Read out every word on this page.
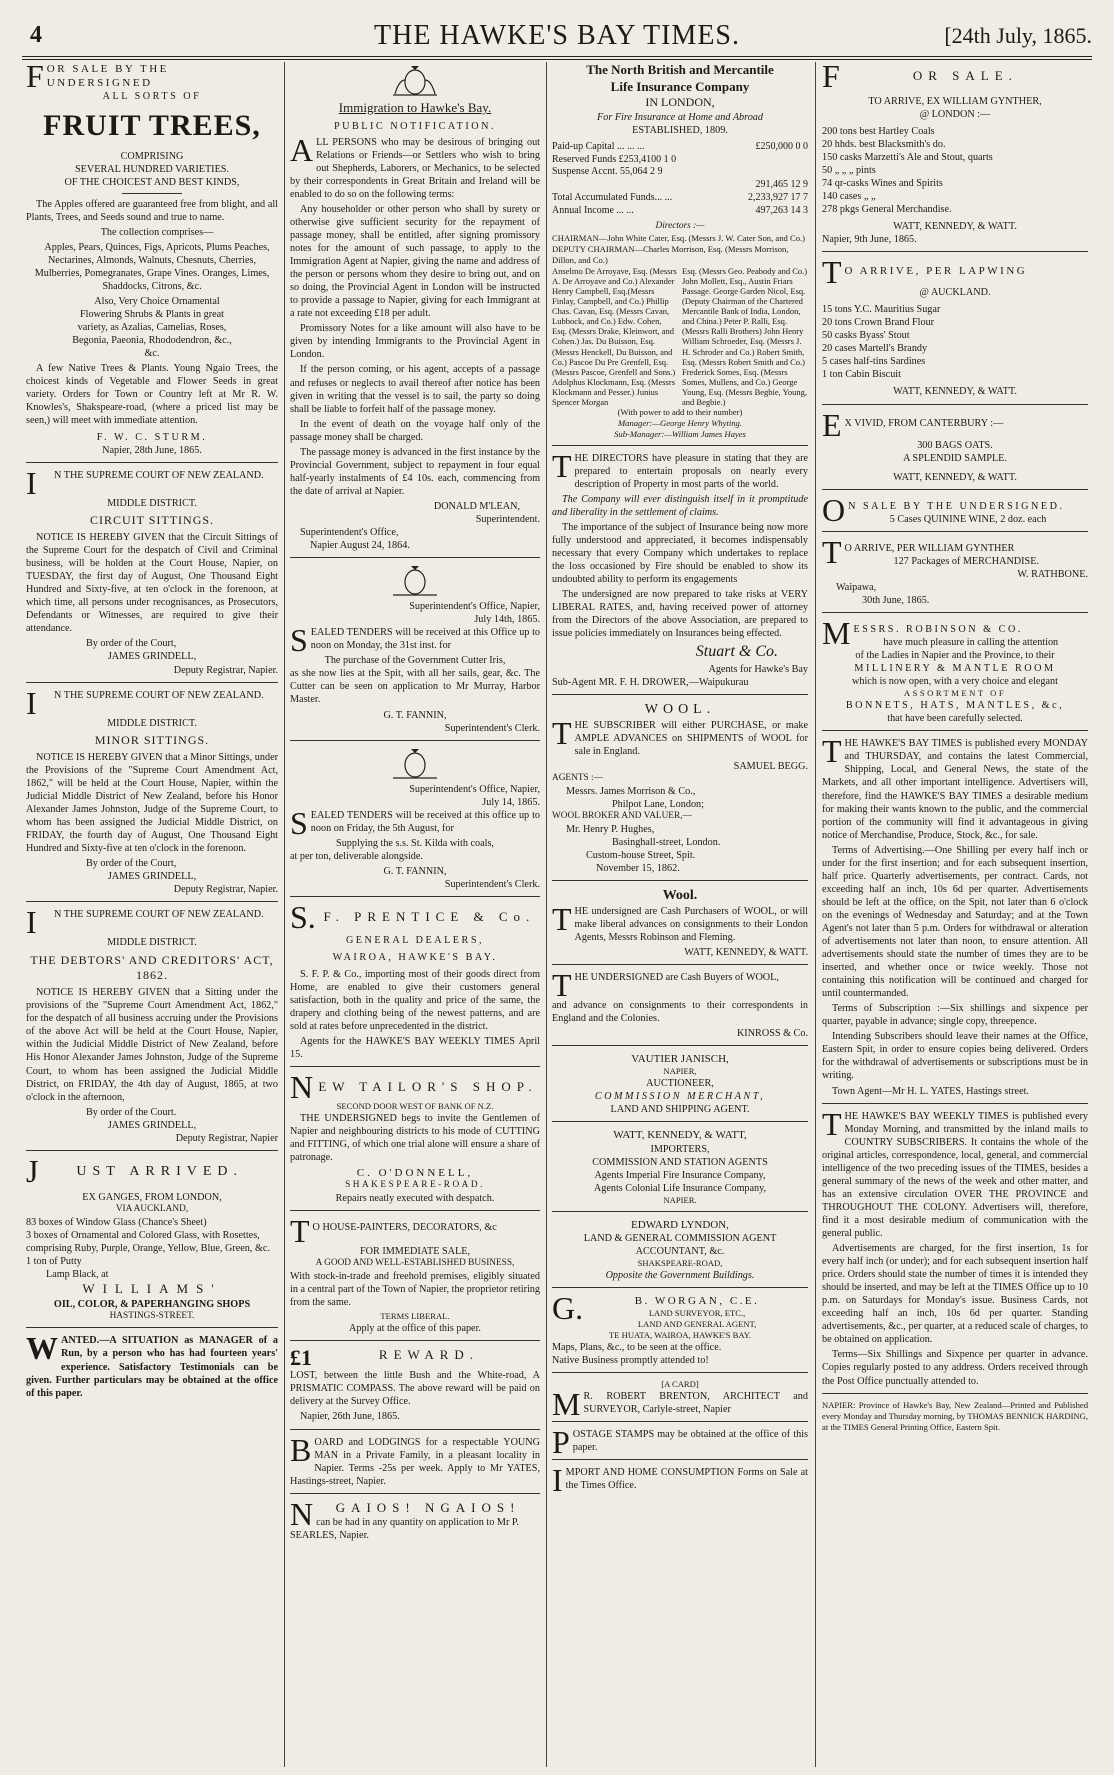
4	THE HAWKE'S BAY TIMES.	[24th July, 1865.
FOR SALE BY THE UNDERSIGNED
ALL SORTS OF
FRUIT TREES,
COMPRISING
SEVERAL HUNDRED VARIETIES.
OF THE CHOICEST AND BEST KINDS,

The Apples offered are guaranteed free from blight, and all Plants, Trees, and Seeds sound and true to name.

The collection comprises—

Apples, Pears, Quinces, Figs, Apricots, Plums Peaches, Nectarines, Almonds, Walnuts, Chesnuts, Cherries, Mulberries, Pomegranates, Grape Vines. Oranges, Limes, Shaddocks, Citrons, &c.

Also, Very Choice Ornamental Flowering Shrubs & Plants in great variety, as Azalias, Camelias, Roses, Begonia, Paeonia, Rhododendron, &c., &c.

A few Native Trees & Plants. Young Ngaio Trees, the choicest kinds of Vegetable and Flower Seeds in great variety. Orders for Town or Country left at Mr R. W. Knowles's, Shakspeare-road, (where a priced list may be seen,) will meet with immediate attention.

F. W. C. STURM.
Napier, 28th June, 1865.
I	N THE SUPREME COURT OF NEW ZEALAND.
MIDDLE DISTRICT.
CIRCUIT SITTINGS.

NOTICE IS HEREBY GIVEN that the Circuit Sittings of the Supreme Court for the despatch of Civil and Criminal business, will be holden at the Court House, Napier, on TUESDAY, the first day of August, One Thousand Eight Hundred and Sixty-five, at ten o'clock in the forenoon, at which time, all persons under recognisances, as Prosecutors, Defendants or Witnesses, are required to give their attendance.

By order of the Court,
JAMES GRINDELL,
Deputy Registrar, Napier.
I	N THE SUPREME COURT OF NEW ZEALAND.
MIDDLE DISTRICT.
MINOR SITTINGS.

NOTICE IS HEREBY GIVEN that a Minor Sittings, under the Provisions of the "Supreme Court Amendment Act, 1862," will be held at the Court House, Napier, within the Judicial Middle District of New Zealand, before his Honor Alexander James Johnston, Judge of the Supreme Court, to whom has been assigned the Judicial Middle District, on FRIDAY, the fourth day of August, One Thousand Eight Hundred and Sixty-five at ten o'clock in the forenoon.

By order of the Court,
JAMES GRINDELL,
Deputy Registrar, Napier.
I	N THE SUPREME COURT OF NEW ZEALAND.
MIDDLE DISTRICT.
THE DEBTORS' AND CREDITORS' ACT, 1862.

NOTICE IS HEREBY GIVEN that a Sitting under the provisions of the "Supreme Court Amendment Act, 1862," for the despatch of all business accruing under the Provisions of the above Act will be held at the Court House, Napier, within the Judicial Middle District of New Zealand, before His Honor Alexander James Johnston, Judge of the Supreme Court, to whom has been assigned the Judicial Middle District, on FRIDAY, the 4th day of August, 1865, at two o'clock in the afternoon,

By order of the Court.
JAMES GRINDELL,
Deputy Registrar, Napier
J	UST ARRIVED.
EX GANGES, FROM LONDON,
VIA AUCKLAND,
83 boxes of Window Glass (Chance's Sheet)
3 boxes of Ornamental and Colored Glass, with Rosettes, comprising Ruby, Purple, Orange, Yellow, Blue, Green, &c.
1 ton of Putty
Lamp Black, at
WILLIAMS'
OIL, COLOR, & PAPERHANGING SHOPS
HASTINGS-STREET.

WANTED.—A SITUATION as MANAGER of a Run, by a person who has had fourteen years' experience. Satisfactory Testimonials can be given. Further particulars may be obtained at the office of this paper.

Immigration to Hawke's Bay.
PUBLIC NOTIFICATION.

ALL PERSONS who may be desirous of bringing out Relations or Friends—or Settlers who wish to bring out Shepherds, Laborers, or Mechanics, to be selected by their correspondents in Great Britain and Ireland will be enabled to do so on the following terms:

Any householder or other person who shall by surety or otherwise give sufficient security for the repayment of passage money, shall be entitled, after signing promissory notes for the amount of such passage, to apply to the Immigration Agent at Napier, giving the name and address of the person or persons whom they desire to bring out, and on so doing, the Provincial Agent in London will be instructed to provide a passage to Napier, giving for each Immigrant at a rate not exceeding £18 per adult.

Promissory Notes for a like amount will also have to be given by intending Immigrants to the Provincial Agent in London.

If the person coming, or his agent, accepts of a passage and refuses or neglects to avail thereof after notice has been given in writing that the vessel is to sail, the party so doing shall be liable to forfeit half of the passage money.

In the event of death on the voyage half only of the passage money shall be charged.

The passage money is advanced in the first instance by the Provincial Government, subject to repayment in four equal half-yearly instalments of £4 10s. each, commencing from the date of arrival at Napier.

DONALD M'LEAN,
Superintendent.
Superintendent's Office,
Napier August 24, 1864.
Superintendent's Office, Napier,
July 14th, 1865.

SEALED TENDERS will be received at this Office up to noon on Monday, the 31st inst. for

The purchase of the Government Cutter Iris,

as she now lies at the Spit, with all her sails, gear, &c. The Cutter can be seen on application to Mr Murray, Harbor Master.

G. T. FANNIN,
Superintendent's Clerk.
Superintendent's Office, Napier,
July 14, 1865.

SEALED TENDERS will be received at this office up to noon on Friday, the 5th August, for

Supplying the s.s. St. Kilda with coals,

at per ton, deliverable alongside.

G. T. FANNIN,
Superintendent's Clerk.
S. F. PRENTICE & Co.
GENERAL DEALERS,
WAIROA, HAWKE'S BAY.

S. F. P. & Co., importing most of their goods direct from Home, are enabled to give their customers general satisfaction, both in the quality and price of the same, the drapery and clothing being of the newest patterns, and are sold at rates before unprecedented in the district.

Agents for the HAWKE'S BAY WEEKLY TIMES April 15.

N EW TAILOR'S SHOP.
SECOND DOOR WEST OF BANK OF N.Z.

THE UNDERSIGNED begs to invite the Gentlemen of Napier and neighbouring districts to his mode of CUTTING and FITTING, of which one trial alone will ensure a share of patronage.

C. O'DONNELL,
SHAKESPEARE-ROAD.
Repairs neatly executed with despatch.
T O HOUSE-PAINTERS, DECORATORS, &c
FOR IMMEDIATE SALE,
A GOOD AND WELL-ESTABLISHED BUSINESS,

With stock-in-trade and freehold premises, eligibly situated in a central part of the Town of Napier, the proprietor retiring from the same.

TERMS LIBERAL.
Apply at the office of this paper.
£1	REWARD.

LOST, between the little Bush and the White-road, A PRISMATIC COMPASS. The above reward will be paid on delivery at the Survey Office.

Napier, 26th June, 1865.

BOARD and LODGINGS for a respectable YOUNG MAN in a Private Family, in a pleasant locality in Napier. Terms -25s per week. Apply to Mr YATES, Hastings-street, Napier.

N	GAIOS! NGAIOS!
can be had in any quantity on application to Mr P. SEARLES, Napier.
The North British and Mercantile
Life Insurance Company
IN LONDON,
For Fire Insurance at Home and Abroad
ESTABLISHED, 1809.
Paid-up Capital ... ... ...	£250,000 0 0
Reserved Funds £253,4100 1 0
Suspense Accnt. 55,064 2 9
291,465 12 9
Total Accumulated Funds... ...	2,233,927 17 7
Annual Income ... ...	497,263 14 3
Directors :—
CHAIRMAN—John White Cater, Esq. (Messrs J. W. Cater Son, and Co.)
DEPUTY CHAIRMAN—Charles Morrison, Esq. (Messrs Morrison, Dillon, and Co.)
Anselmo De Arroyave, Esq. (Messrs A. De Arroyave and Co.) Alexander Henry Campbell, Esq.(Messrs Finlay, Campbell, and Co.) Phillip Chas. Cavan, Esq. (Messrs Cavan, Lubbock, and Co.) Edw. Cohen, Esq. (Messrs Drake, Kleinwort, and Cohen.) Jas. Du Buisson, Esq. (Messrs Henckell, Du Buisson, and Co.) Pascoe Du Pre Grenfell, Esq. (Messrs Pascoe, Grenfell and Sons.) Adolphus Klockmann, Esq. (Messrs Klockmann and Pesser.) Junius Spencer Morgan
Esq. (Messrs Geo. Peabody and Co.) John Mollett, Esq., Austin Friars Passage. George Garden Nicol, Esq. (Deputy Chairman of the Chartered Mercantile Bank of India, London, and China.) Peter P. Ralli, Esq. (Messrs Ralli Brothers) John Henry William Schroeder, Esq. (Messrs J. H. Schroder and Co.) Robert Smith, Esq. (Messrs Robert Smith and Co.) Frederick Somes, Esq. (Messrs Somes, Mullens, and Co.) George Young, Esq. (Messrs Begbie, Young, and Begbie.)
(With power to add to their number)
Manager:—George Henry Whyting.
Sub-Manager:—William James Hayes

THE DIRECTORS have pleasure in stating that they are prepared to entertain proposals on nearly every description of Property in most parts of the world.

The Company will ever distinguish itself in it promptitude and liberality in the settlement of claims.

The importance of the subject of Insurance being now more fully understood and appreciated, it becomes indispensably necessary that every Company which undertakes to replace the loss occasioned by Fire should be enabled to show its undoubted ability to perform its engagements

The undersigned are now prepared to take risks at VERY LIBERAL RATES, and, having received power of attorney from the Directors of the above Association, are prepared to issue policies immediately on Insurances being effected.

Stuart & Co.
Agents for Hawke's Bay
Sub-Agent MR. F. H. DROWER,—Waipukurau
WOOL.

THE SUBSCRIBER will either PURCHASE, or make AMPLE ADVANCES on SHIPMENTS of WOOL for sale in England.

SAMUEL BEGG.
AGENTS :—
Messrs. James Morrison & Co.,
Philpot Lane, London;
WOOL BROKER AND VALUER,—
Mr. Henry P. Hughes,
Basinghall-street, London.
Custom-house Street, Spit.
November 15, 1862.
Wool.

THE undersigned are Cash Purchasers of WOOL, or will make liberal advances on consignments to their London Agents, Messrs Robinson and Fleming.

WATT, KENNEDY, & WATT.

THE UNDERSIGNED are Cash Buyers of WOOL,

and advance on consignments to their correspondents in England and the Colonies.

KINROSS & Co.
VAUTIER JANISCH,
NAPIER,
AUCTIONEER,
COMMISSION MERCHANT,
LAND AND SHIPPING AGENT.
WATT, KENNEDY, & WATT,
IMPORTERS,
COMMISSION AND STATION AGENTS
Agents Imperial Fire Insurance Company,
Agents Colonial Life Insurance Company,
NAPIER.
EDWARD LYNDON,
LAND & GENERAL COMMISSION AGENT
ACCOUNTANT, &c.
SHAKSPEARE-ROAD,
Opposite the Government Buildings.
G.	B. WORGAN, C.E.
LAND SURVEYOR, ETC.,
LAND AND GENERAL AGENT,
TE HUATA, WAIROA, HAWKE'S BAY.
Maps, Plans, &c., to be seen at the office.
Native Business promptly attended to!
[A CARD]

M R. ROBERT BRENTON, ARCHITECT and SURVEYOR, Carlyle-street, Napier

POSTAGE STAMPS may be obtained at the office of this paper.

IMPORT AND HOME CONSUMPTION Forms on Sale at the Times Office.

F	OR SALE.
TO ARRIVE, EX WILLIAM GYNTHER,
@ LONDON :—
200 tons best Hartley Coals
20 hhds. best Blacksmith's do.
150 casks Marzetti's Ale and Stout, quarts
50 „ „ „ pints
74 qr-casks Wines and Spirits
140 cases „ „
278 pkgs General Merchandise.
WATT, KENNEDY, & WATT.
Napier, 9th June, 1865.
T O ARRIVE, PER LAPWING
@ AUCKLAND.
15 tons Y.C. Mauritius Sugar
20 tons Crown Brand Flour
50 casks Byass' Stout
20 cases Martell's Brandy
5 cases half-tins Sardines
1 ton Cabin Biscuit
WATT, KENNEDY, & WATT.
E X VIVID, FROM CANTERBURY :—
300 BAGS OATS.
A SPLENDID SAMPLE.
WATT, KENNEDY, & WATT.
O N SALE BY THE UNDERSIGNED.
5 Cases QUININE WINE, 2 doz. each
T O ARRIVE, PER WILLIAM GYNTHER
127 Packages of MERCHANDISE.
W. RATHBONE.
Waipawa,
30th June, 1865.
M ESSRS. ROBINSON & CO.
have much pleasure in calling the attention
of the Ladies in Napier and the Province, to their
MILLINERY & MANTLE ROOM
which is now open, with a very choice and elegant
ASSORTMENT OF
BONNETS, HATS, MANTLES, &c,
that have been carefully selected.

THE HAWKE'S BAY TIMES is published every MONDAY and THURSDAY, and contains the latest Commercial, Shipping, Local, and General News, the state of the Markets, and all other important intelligence. Advertisers will, therefore, find the HAWKE'S BAY TIMES a desirable medium for making their wants known to the public, and the commercial portion of the community will find it advantageous in giving notice of Merchandise, Produce, Stock, &c., for sale.

Terms of Advertising.—One Shilling per every half inch or under for the first insertion; and for each subsequent insertion, half price. Quarterly advertisements, per contract. Cards, not exceeding half an inch, 10s 6d per quarter. Advertisements should be left at the office, on the Spit, not later than 6 o'clock on the evenings of Wednesday and Saturday; and at the Town Agent's not later than 5 p.m. Orders for withdrawal or alteration of advertisements not later than noon, to ensure attention. All advertisements should state the number of times they are to be inserted, and whether once or twice weekly. Those not containing this notification will be continued and charged for until countermanded.

Terms of Subscription :—Six shillings and sixpence per quarter, payable in advance; single copy, threepence.

Intending Subscribers should leave their names at the Office, Eastern Spit, in order to ensure copies being delivered. Orders for the withdrawal of advertisements or subscriptions must be in writing.

Town Agent—Mr H. L. YATES, Hastings street.

THE HAWKE'S BAY WEEKLY TIMES is published every Monday Morning, and transmitted by the inland mails to COUNTRY SUBSCRIBERS. It contains the whole of the original articles, correspondence, local, general, and commercial intelligence of the two preceding issues of the TIMES, besides a general summary of the news of the week and other matter, and has an extensive circulation OVER THE PROVINCE and THROUGHOUT THE COLONY. Advertisers will, therefore, find it a most desirable medium of communication with the general public.

Advertisements are charged, for the first insertion, 1s for every half inch (or under); and for each subsequent insertion half price. Orders should state the number of times it is intended they should be inserted, and may be left at the TIMES Office up to 10 p.m. on Saturdays for Monday's issue. Business Cards, not exceeding half an inch, 10s 6d per quarter. Standing advertisements, &c., per quarter, at a reduced scale of charges, to be obtained on application.

Terms—Six Shillings and Sixpence per quarter in advance. Copies regularly posted to any address. Orders received through the Post Office punctually attended to.

NAPIER: Province of Hawke's Bay, New Zealand—Printed and Published every Monday and Thursday morning, by THOMAS BENNICK HARDING, at the TIMES General Printing Office, Eastern Spit.
